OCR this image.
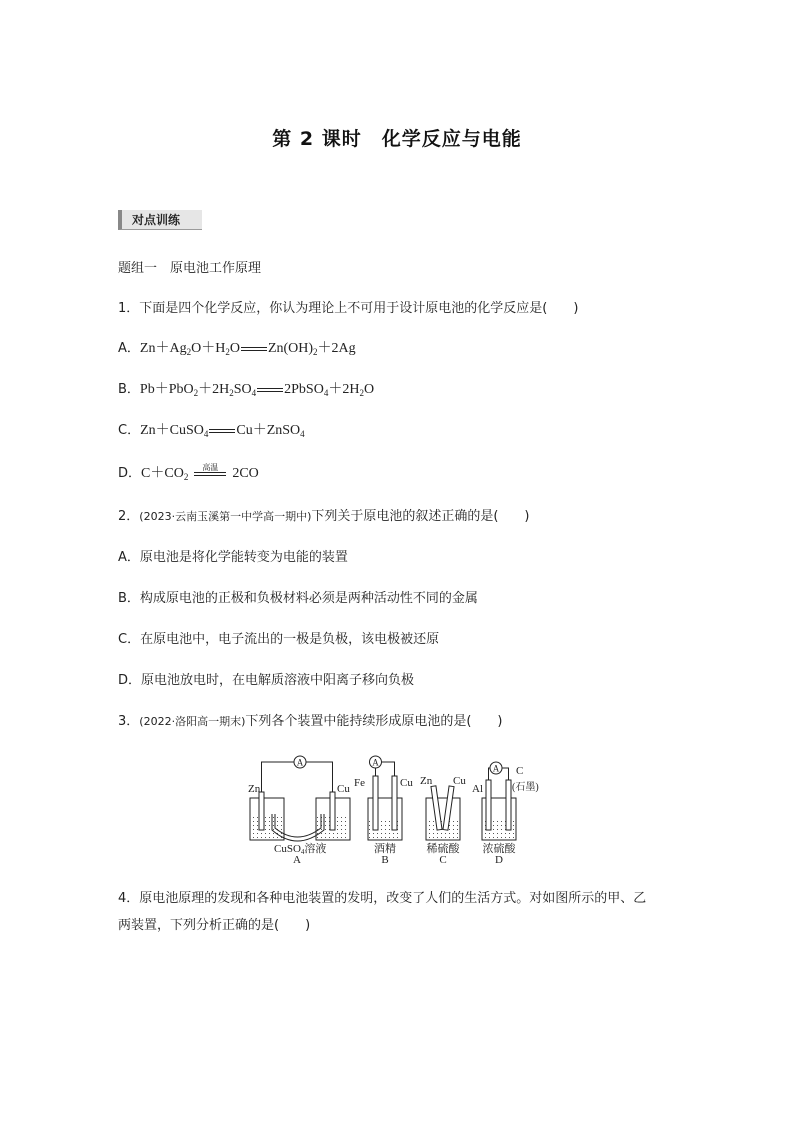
第 2 课时　化学反应与电能
对点训练
题组一　原电池工作原理
1．下面是四个化学反应，你认为理论上不可用于设计原电池的化学反应是(　　)
A．$Zn+Ag_2O+H_2O$ $Zn(OH)_2+2Ag$
B．$Pb+PbO_2+2H_2SO_4$ $2PbSO_4+2H_2O$
C．Zn＋CuSO$_4$ Cu＋ZnSO$_4$
D．$C+CO_2$
高温 2CO
2．(2023·云南玉溪第一中学高一期中)下列关于原电池的叙述正确的是(　　)
A．原电池是将化学能转变为电能的装置
B．构成原电池的正极和负极材料必须是两种活动性不同的金属
C．在原电池中，电子流出的一极是负极，该电极被还原
D．原电池放电时，在电解质溶液中阳离子移向负极
3．(2022·洛阳高一期末)下列各个装置中能持续形成原电池的是(　　)
A
Zn	Cu
CuSO4溶液
A
A
Fe	Cu
酒精
B
Zn Cu
稀硫酸
C
A
Al
C
(石墨)
浓硫酸
D
4．原电池原理的发现和各种电池装置的发明，改变了人们的生活方式。对如图所示的甲、乙
两装置，下列分析正确的是(　　)
